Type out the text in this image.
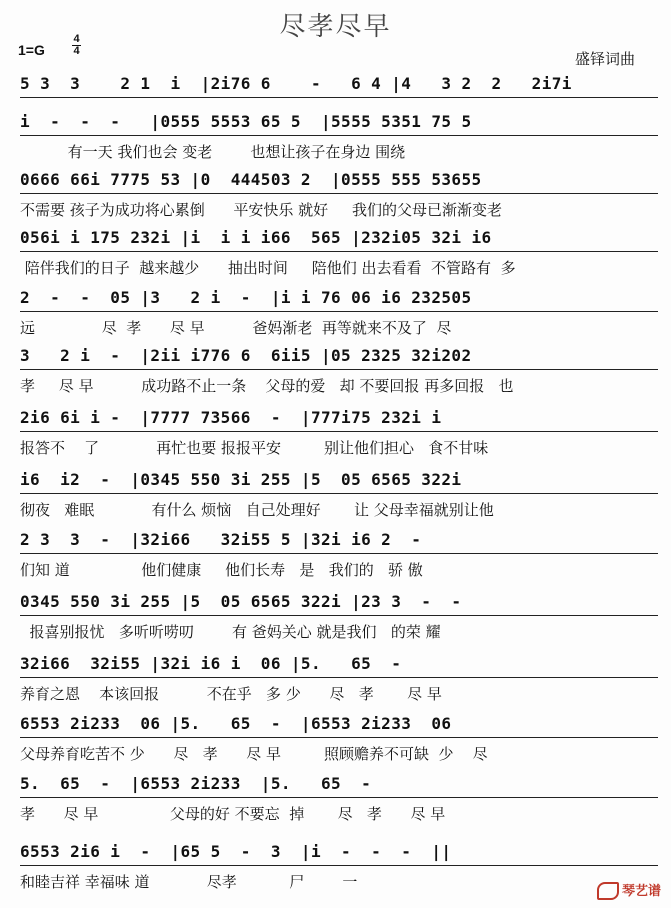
尽孝尽早
1=G
4
4	盛铎词曲
5 3  3    2 1  i  |2i76 6    -   6 4 |4   3 2  2   2i7i
i  -  -  -   |0555 5553 65 5  |5555 5351 75 5
有一天 我们也会 变老        也想让孩子在身边 围绕
0666 66i 7775 53 |0  444503 2  |0555 555 53655
不需要 孩子为成功将心累倒      平安快乐 就好     我们的父母已渐渐变老
056i i 175 232i |i  i i i66  565 |232i05 32i i6
陪伴我们的日子  越来越少      抽出时间     陪他们 出去看看  不管路有  多
2  -  -  05 |3   2 i  -  |i i 76 06 i6 232505
远              尽  孝      尽 早          爸妈渐老  再等就来不及了  尽
3   2 i  -  |2ii i776 6  6ii5 |05 2325 32i202
孝     尽 早          成功路不止一条    父母的爱   却 不要回报 再多回报   也
2i6 6i i -  |7777 73566  -  |777i75 232i i
报答不    了            再忙也要 报报平安         别让他们担心   食不甘味
i6  i2  -  |0345 550 3i 255 |5  05 6565 322i
彻夜   难眠            有什么 烦恼   自己处理好       让 父母幸福就别让他
2 3  3  -  |32i66   32i55 5 |32i i6 2  -
们知 道               他们健康     他们长寿   是   我们的   骄 傲
0345 550 3i 255 |5  05 6565 322i |23 3  -  -
报喜别报忧   多听听唠叨        有 爸妈关心 就是我们   的荣 耀
32i66  32i55 |32i i6 i  06 |5.   65  -
养育之恩    本该回报          不在乎   多 少      尽   孝       尽 早
6553 2i233  06 |5.   65  -  |6553 2i233  06
父母养育吃苦不 少      尽   孝      尽 早         照顾赡养不可缺  少    尽
5.  65  -  |6553 2i233  |5.   65  -
孝      尽 早               父母的好 不要忘  掉       尽   孝      尽 早
6553 2i6 i  -  |65 5  -  3  |i  -  -  -  ||
和睦吉祥 幸福味 道            尽孝           尸        一	琴艺谱
